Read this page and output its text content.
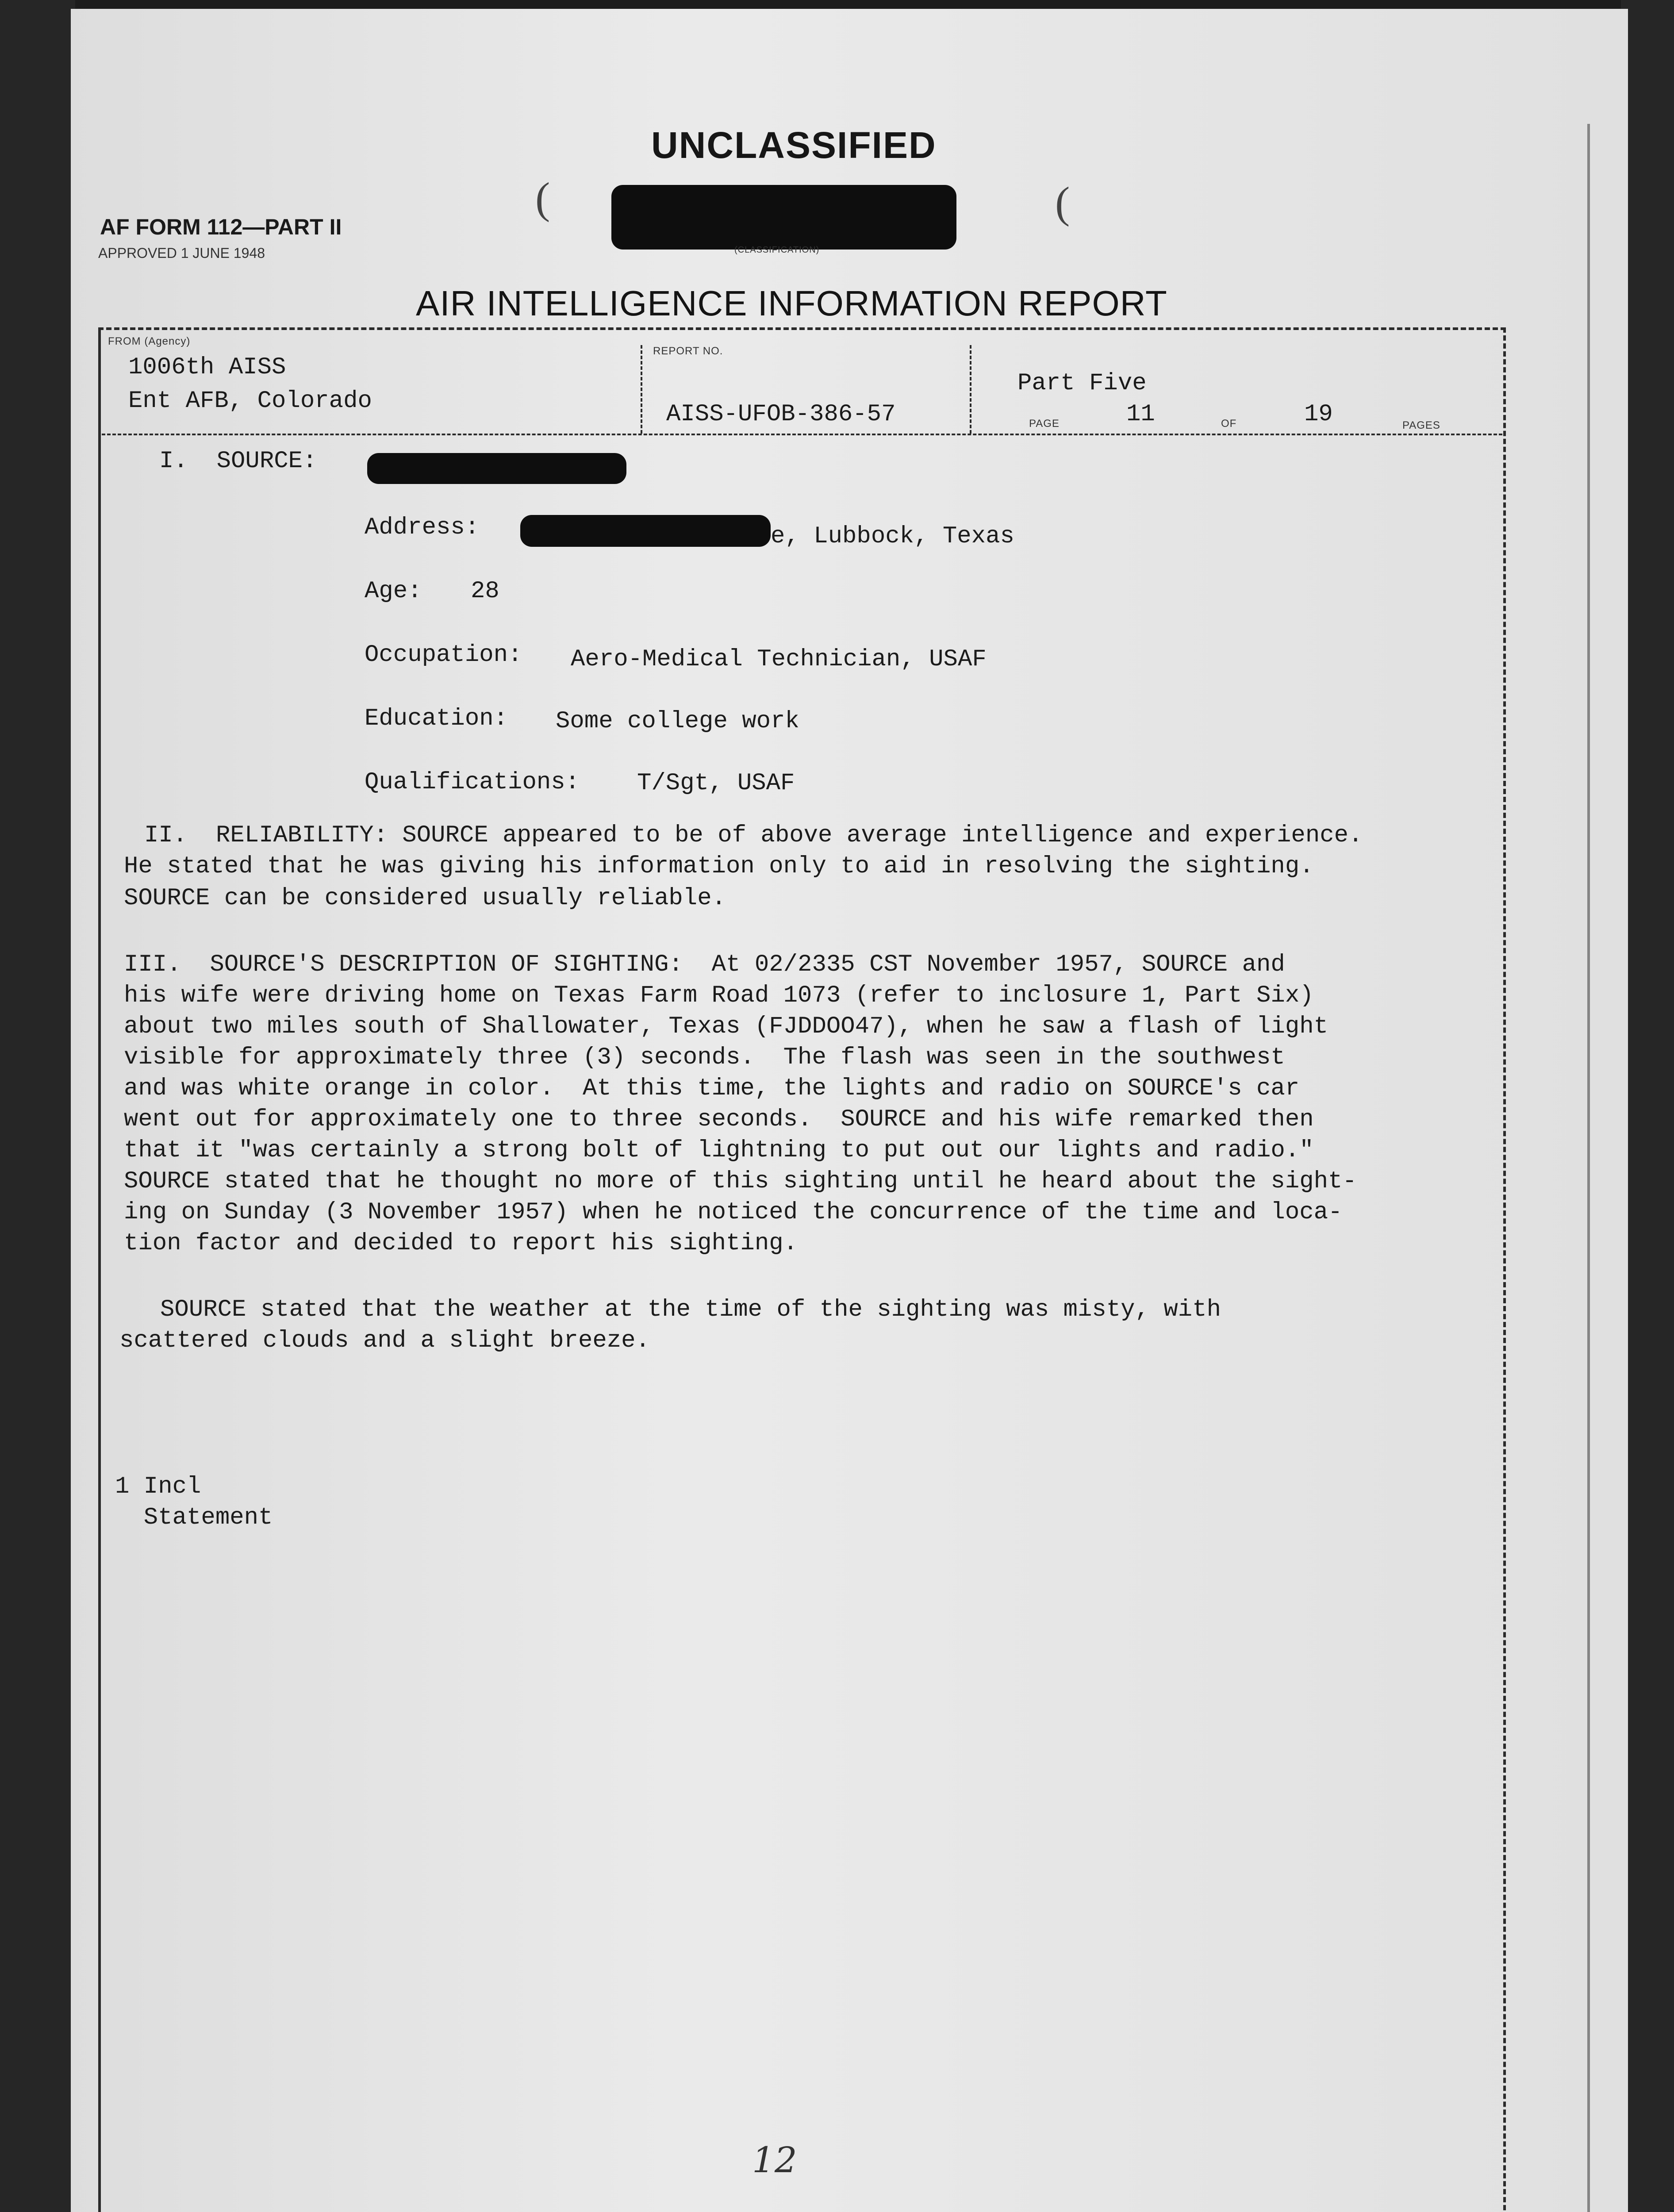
UNCLASSIFIED
(	(
(CLASSIFICATION)
AF FORM 112—PART II
APPROVED 1 JUNE 1948
AIR INTELLIGENCE INFORMATION REPORT
FROM (Agency)
1006th AISS
Ent AFB, Colorado
REPORT NO.
AISS-UFOB-386-57
Part Five
PAGE	11	OF	19	PAGES
I.  SOURCE:
Address:	e, Lubbock, Texas
Age: 28
Occupation: Aero-Medical Technician, USAF
Education: Some college work
Qualifications: T/Sgt, USAF
II.  RELIABILITY: SOURCE appeared to be of above average intelligence and experience.
He stated that he was giving his information only to aid in resolving the sighting.
SOURCE can be considered usually reliable.
III.  SOURCE'S DESCRIPTION OF SIGHTING:  At 02/2335 CST November 1957, SOURCE and
his wife were driving home on Texas Farm Road 1073 (refer to inclosure 1, Part Six)
about two miles south of Shallowater, Texas (FJDDOO47), when he saw a flash of light
visible for approximately three (3) seconds.  The flash was seen in the southwest
and was white orange in color.  At this time, the lights and radio on SOURCE's car
went out for approximately one to three seconds.  SOURCE and his wife remarked then
that it "was certainly a strong bolt of lightning to put out our lights and radio."
SOURCE stated that he thought no more of this sighting until he heard about the sight-
ing on Sunday (3 November 1957) when he noticed the concurrence of the time and loca-
tion factor and decided to report his sighting.
SOURCE stated that the weather at the time of the sighting was misty, with
scattered clouds and a slight breeze.
1 Incl
Statement
12
